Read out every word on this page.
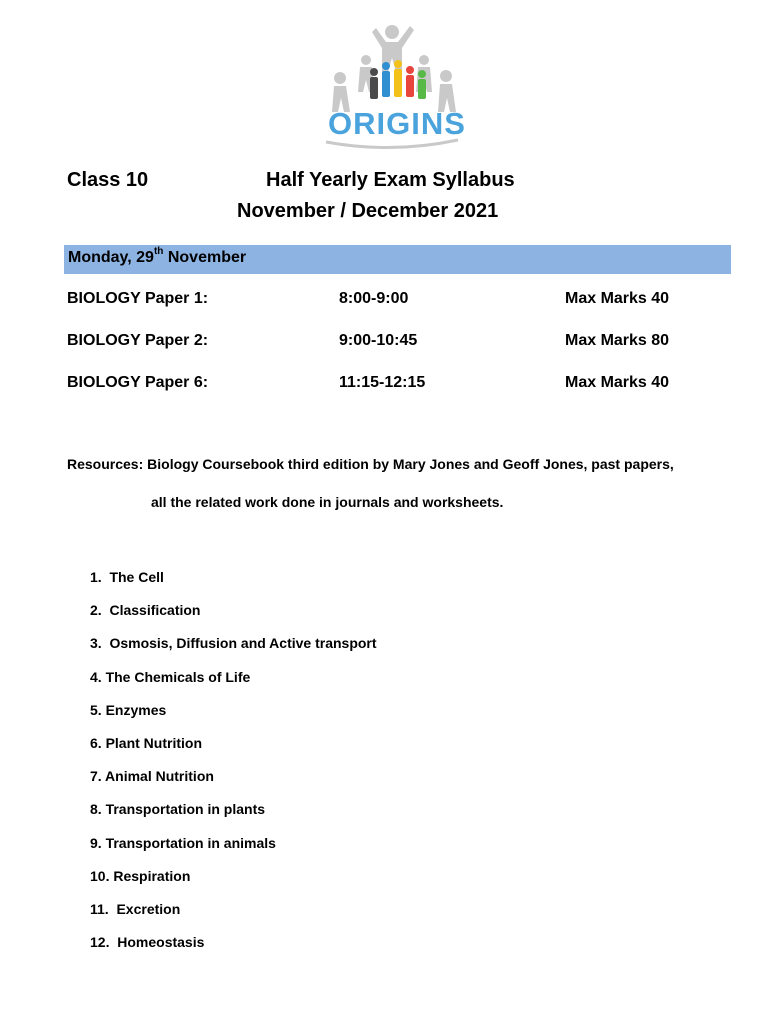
ORIGINS
Class 10	Half Yearly Exam Syllabus
November / December 2021
Monday, 29th November
BIOLOGY Paper 1:	8:00-9:00	Max Marks 40
BIOLOGY Paper 2:	9:00-10:45	Max Marks 80
BIOLOGY Paper 6:	11:15-12:15	Max Marks 40
Resources: Biology Coursebook third edition by Mary Jones and Geoff Jones, past papers,
all the related work done in journals and worksheets.
1.  The Cell
2.  Classification
3.  Osmosis, Diffusion and Active transport
4. The Chemicals of Life
5. Enzymes
6. Plant Nutrition
7. Animal Nutrition
8. Transportation in plants
9. Transportation in animals
10. Respiration
11.  Excretion
12.  Homeostasis
